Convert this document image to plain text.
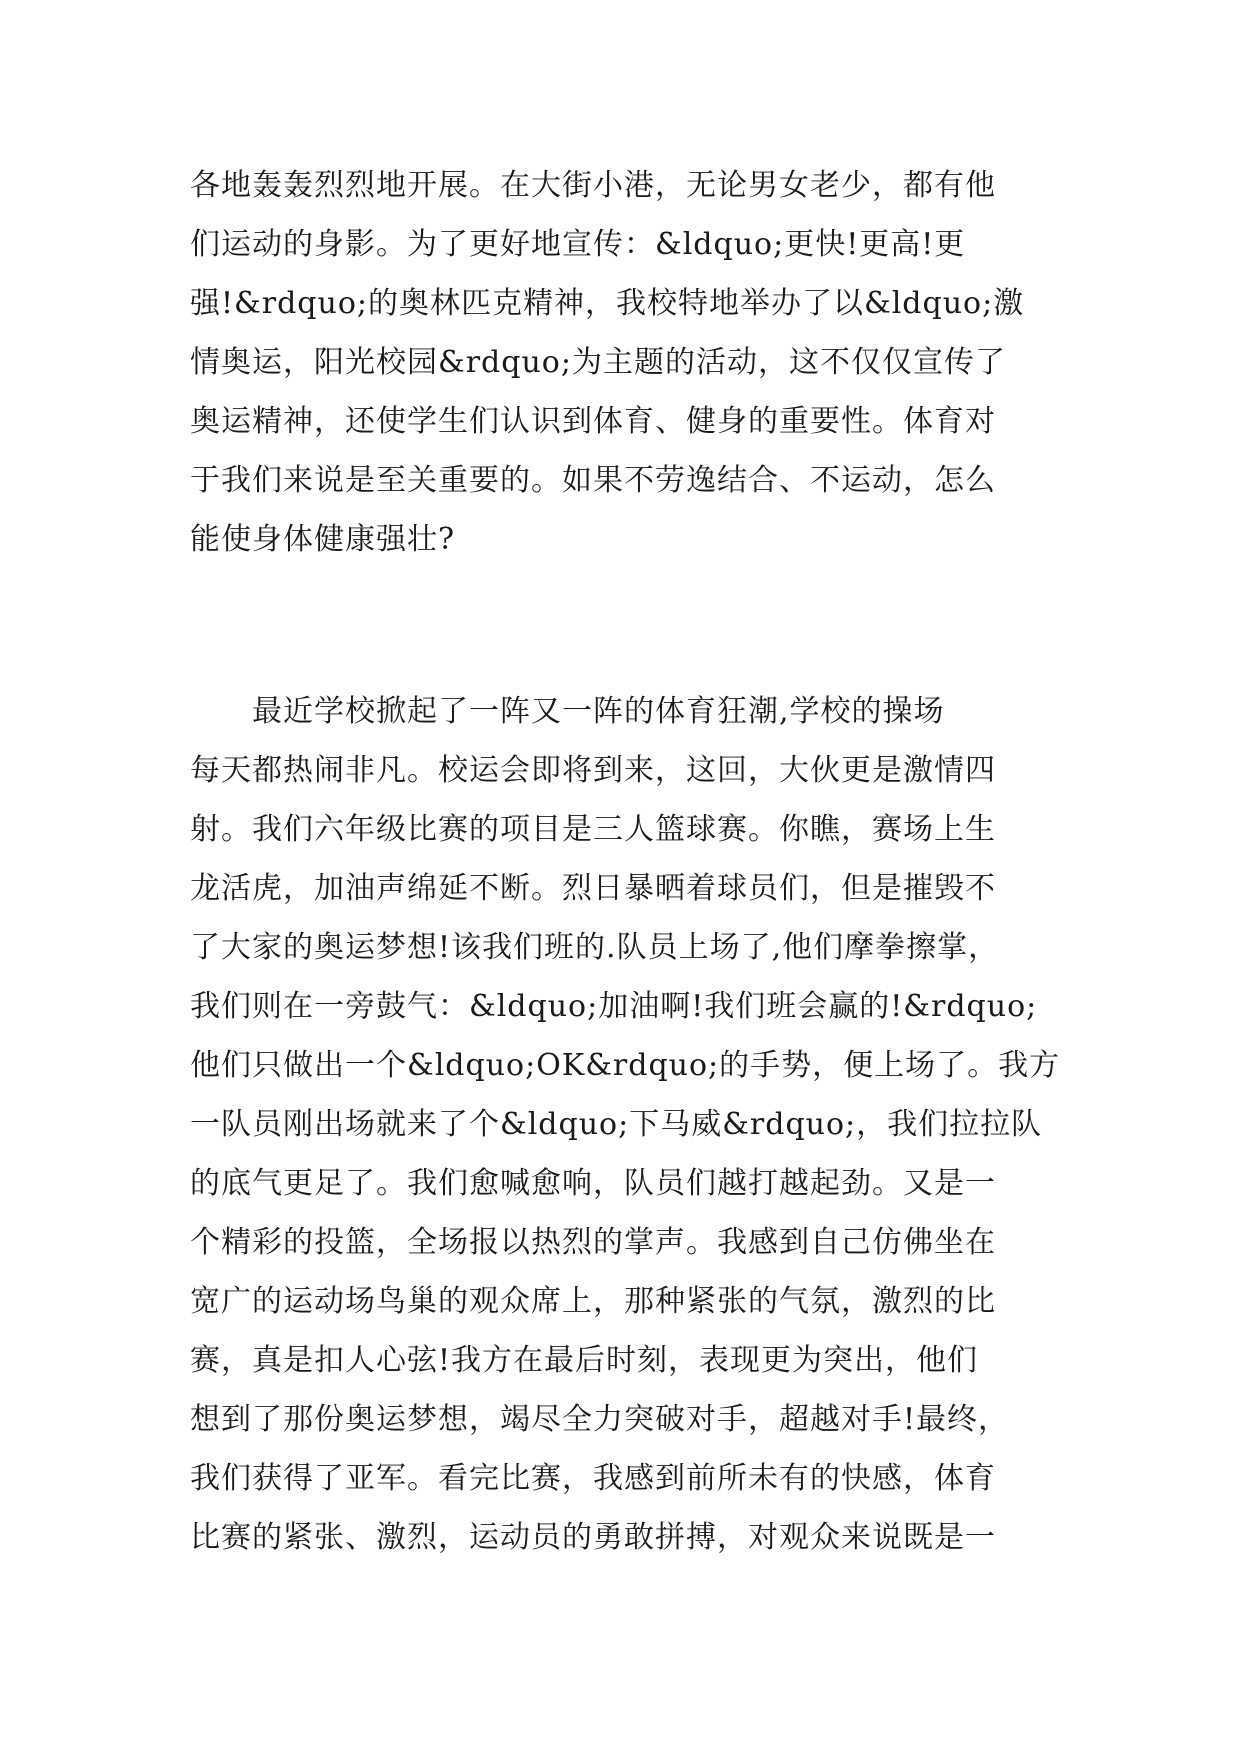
各地轰轰烈烈地开展。在大街小港，无论男女老少，都有他
们运动的身影。为了更好地宣传：&ldquo;更快!更高!更
强!&rdquo;的奥林匹克精神，我校特地举办了以&ldquo;激
情奥运，阳光校园&rdquo;为主题的活动，这不仅仅宣传了
奥运精神，还使学生们认识到体育、健身的重要性。体育对
于我们来说是至关重要的。如果不劳逸结合、不运动，怎么
能使身体健康强壮?
　　最近学校掀起了一阵又一阵的体育狂潮,学校的操场
每天都热闹非凡。校运会即将到来，这回，大伙更是激情四
射。我们六年级比赛的项目是三人篮球赛。你瞧，赛场上生
龙活虎，加油声绵延不断。烈日暴晒着球员们，但是摧毁不
了大家的奥运梦想!该我们班的.队员上场了,他们摩拳擦掌，
我们则在一旁鼓气：&ldquo;加油啊!我们班会赢的!&rdquo;
他们只做出一个&ldquo;OK&rdquo;的手势，便上场了。我方
一队员刚出场就来了个&ldquo;下马威&rdquo;，我们拉拉队
的底气更足了。我们愈喊愈响，队员们越打越起劲。又是一
个精彩的投篮，全场报以热烈的掌声。我感到自己仿佛坐在
宽广的运动场鸟巢的观众席上，那种紧张的气氛，激烈的比
赛，真是扣人心弦!我方在最后时刻，表现更为突出，他们
想到了那份奥运梦想，竭尽全力突破对手，超越对手!最终，
我们获得了亚军。看完比赛，我感到前所未有的快感，体育
比赛的紧张、激烈，运动员的勇敢拼搏，对观众来说既是一
